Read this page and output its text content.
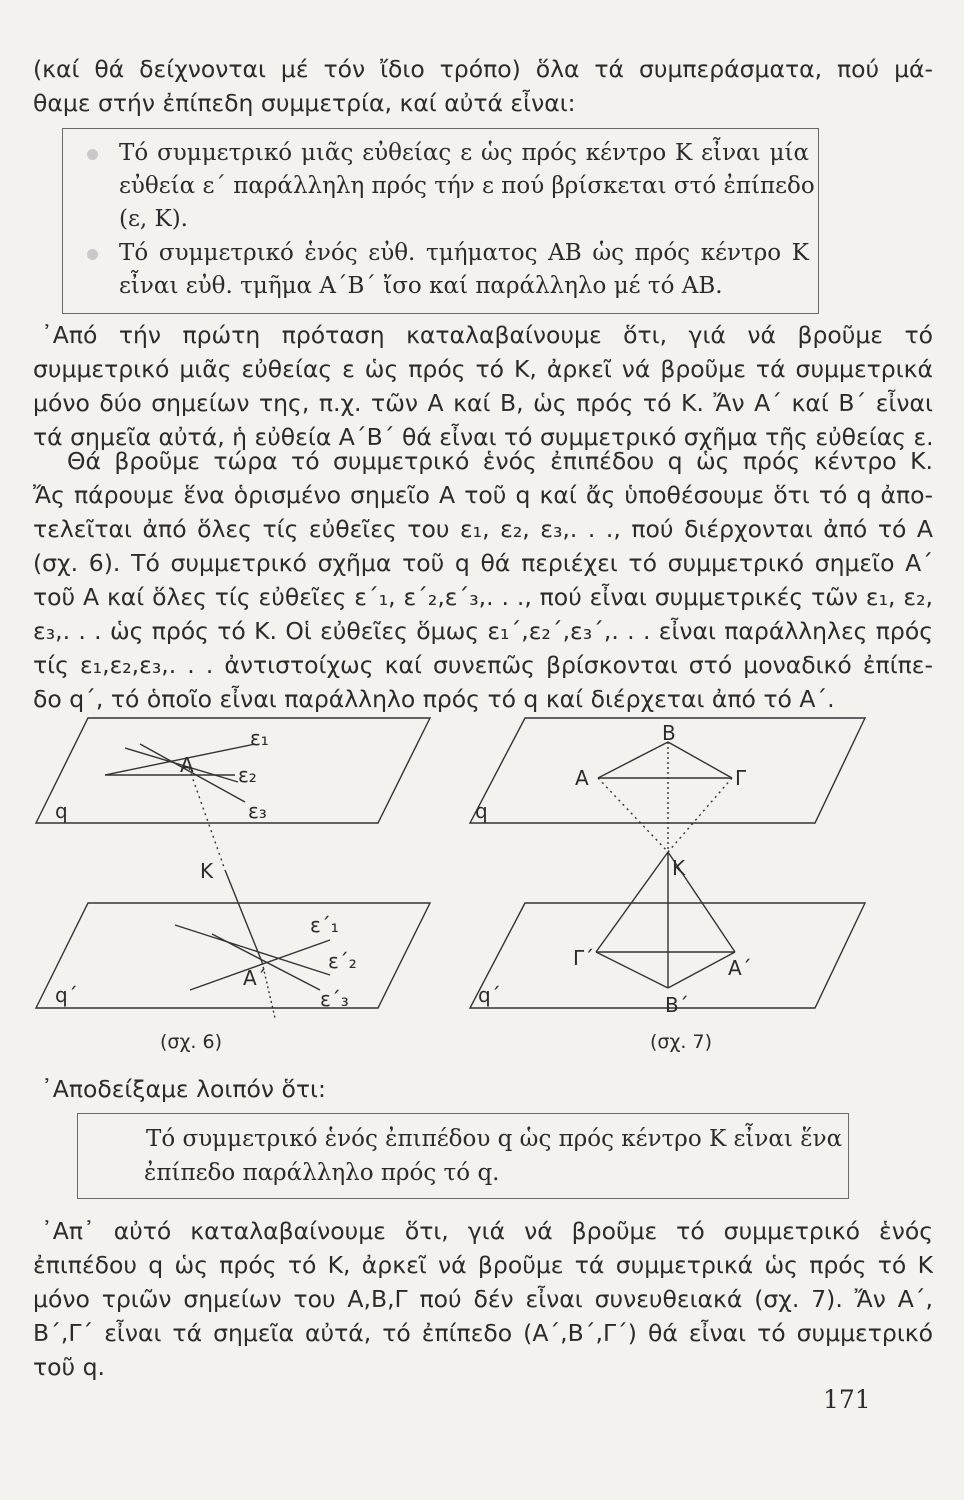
(καί θά δείχνονται μέ τόν ἴδιο τρόπο) ὅλα τά συμπεράσματα, πού μά-
θαμε στήν ἐπίπεδη συμμετρία, καί αὐτά εἶναι:
Τό συμμετρικό μιᾶς εὐθείας ε ὡς πρός κέντρο Κ εἶναι μία
εὐθεία ε΄ παράλληλη πρός τήν ε πού βρίσκεται στό ἐπίπεδο
(ε, Κ).
Τό συμμετρικό ἑνός εὐθ. τμήματος ΑΒ ὡς πρός κέντρο Κ
εἶναι εὐθ. τμῆμα Α΄Β΄ ἴσο καί παράλληλο μέ τό ΑΒ.
᾿Από τήν πρώτη πρόταση καταλαβαίνουμε ὅτι, γιά νά βροῦμε τό
συμμετρικό μιᾶς εὐθείας ε ὡς πρός τό Κ, ἀρκεῖ νά βροῦμε τά συμμετρικά
μόνο δύο σημείων της, π.χ. τῶν Α καί Β, ὡς πρός τό Κ. Ἄν Α΄ καί Β΄ εἶναι
τά σημεῖα αὐτά, ἡ εὐθεία Α΄Β΄ θά εἶναι τό συμμετρικό σχῆμα τῆς εὐθείας ε.
Θά βροῦμε τώρα τό συμμετρικό ἑνός ἐπιπέδου q ὡς πρός κέντρο Κ.
Ἄς πάρουμε ἕνα ὁρισμένο σημεῖο Α τοῦ q καί ἄς ὑποθέσουμε ὅτι τό q ἀπο-
τελεῖται ἀπό ὅλες τίς εὐθεῖες του ε₁, ε₂, ε₃,. . ., πού διέρχονται ἀπό τό Α
(σχ. 6). Τό συμμετρικό σχῆμα τοῦ q θά περιέχει τό συμμετρικό σημεῖο Α΄
τοῦ Α καί ὅλες τίς εὐθεῖες ε΄₁, ε΄₂,ε΄₃,. . ., πού εἶναι συμμετρικές τῶν ε₁, ε₂,
ε₃,. . . ὡς πρός τό Κ. Οἱ εὐθεῖες ὅμως ε₁΄,ε₂΄,ε₃΄,. . . εἶναι παράλληλες πρός
τίς ε₁,ε₂,ε₃,. . . ἀντιστοίχως καί συνεπῶς βρίσκονται στό μοναδικό ἐπίπε-
δο q΄, τό ὁποῖο εἶναι παράλληλο πρός τό q καί διέρχεται ἀπό τό Α΄.
q
q΄
Α
ε₁
ε₂
ε₃
Κ
ε΄₁
ε΄₂
Α΄
ε΄₃
q
q΄
Β
Α	Γ
Κ
Γ΄	Α΄
Β΄
(σχ. 6)	(σχ. 7)
᾿Αποδείξαμε λοιπόν ὅτι:
Τό συμμετρικό ἑνός ἐπιπέδου q ὡς πρός κέντρο Κ εἶναι ἕνα
ἐπίπεδο παράλληλο πρός τό q.
᾿Απ᾿ αὐτό καταλαβαίνουμε ὅτι, γιά νά βροῦμε τό συμμετρικό ἑνός
ἐπιπέδου q ὡς πρός τό Κ, ἀρκεῖ νά βροῦμε τά συμμετρικά ὡς πρός τό Κ
μόνο τριῶν σημείων του Α,Β,Γ πού δέν εἶναι συνευθειακά (σχ. 7). Ἄν Α΄,
Β΄,Γ΄ εἶναι τά σημεῖα αὐτά, τό ἐπίπεδο (Α΄,Β΄,Γ΄) θά εἶναι τό συμμετρικό
τοῦ q.
171
